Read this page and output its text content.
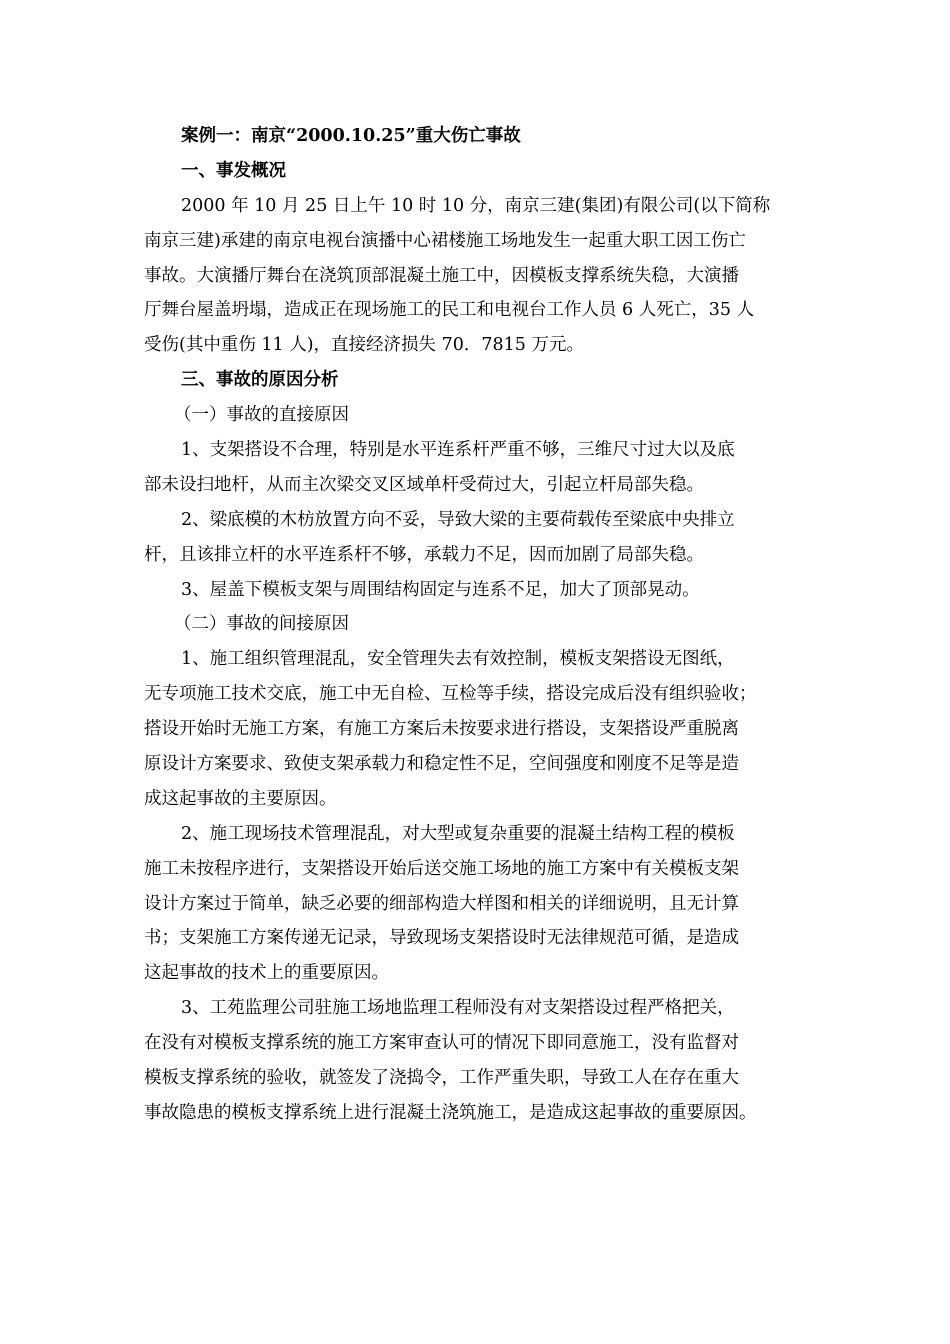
案例一：南京“2000.10.25”重大伤亡事故
一、事发概况
2000 年 10 月 25 日上午 10 时 10 分，南京三建(集团)有限公司(以下简称
南京三建)承建的南京电视台演播中心裙楼施工场地发生一起重大职工因工伤亡
事故。大演播厅舞台在浇筑顶部混凝土施工中，因模板支撑系统失稳，大演播
厅舞台屋盖坍塌，造成正在现场施工的民工和电视台工作人员 6 人死亡，35 人
受伤(其中重伤 11 人)，直接经济损失 70．7815 万元。
三、事故的原因分析
（一）事故的直接原因
1、支架搭设不合理，特别是水平连系杆严重不够，三维尺寸过大以及底
部未设扫地杆，从而主次梁交叉区域单杆受荷过大，引起立杆局部失稳。
2、梁底模的木枋放置方向不妥，导致大梁的主要荷载传至梁底中央排立
杆，且该排立杆的水平连系杆不够，承载力不足，因而加剧了局部失稳。
3、屋盖下模板支架与周围结构固定与连系不足，加大了顶部晃动。
（二）事故的间接原因
1、施工组织管理混乱，安全管理失去有效控制，模板支架搭设无图纸，
无专项施工技术交底，施工中无自检、互检等手续，搭设完成后没有组织验收；
搭设开始时无施工方案，有施工方案后未按要求进行搭设，支架搭设严重脱离
原设计方案要求、致使支架承载力和稳定性不足，空间强度和刚度不足等是造
成这起事故的主要原因。
2、施工现场技术管理混乱，对大型或复杂重要的混凝土结构工程的模板
施工未按程序进行，支架搭设开始后送交施工场地的施工方案中有关模板支架
设计方案过于简单，缺乏必要的细部构造大样图和相关的详细说明，且无计算
书；支架施工方案传递无记录，导致现场支架搭设时无法律规范可循，是造成
这起事故的技术上的重要原因。
3、工苑监理公司驻施工场地监理工程师没有对支架搭设过程严格把关，
在没有对模板支撑系统的施工方案审查认可的情况下即同意施工，没有监督对
模板支撑系统的验收，就签发了浇捣令，工作严重失职，导致工人在存在重大
事故隐患的模板支撑系统上进行混凝土浇筑施工，是造成这起事故的重要原因。
